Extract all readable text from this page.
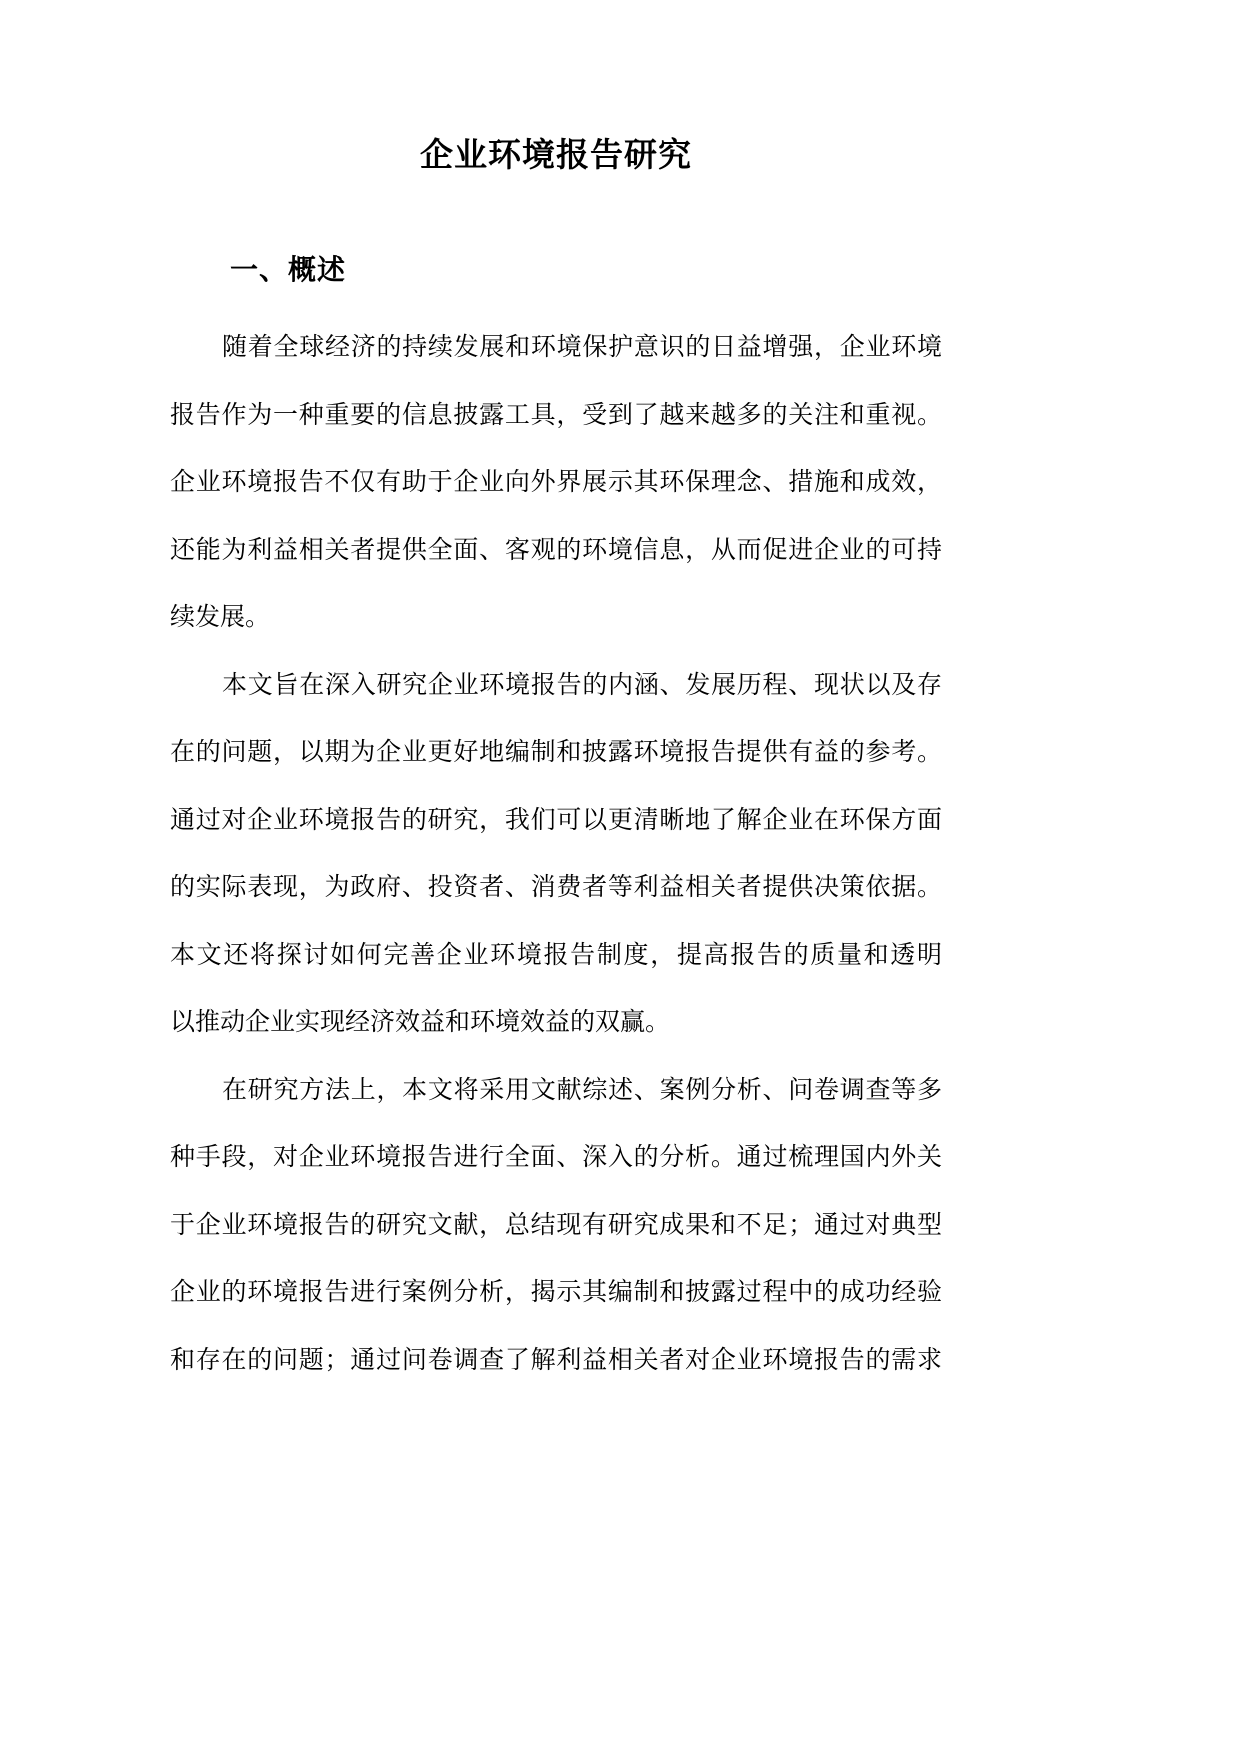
企业环境报告研究
一、概述
随着全球经济的持续发展和环境保护意识的日益增强，企业环境
报告作为一种重要的信息披露工具，受到了越来越多的关注和重视。
企业环境报告不仅有助于企业向外界展示其环保理念、措施和成效，
还能为利益相关者提供全面、客观的环境信息，从而促进企业的可持
续发展。
本文旨在深入研究企业环境报告的内涵、发展历程、现状以及存
在的问题，以期为企业更好地编制和披露环境报告提供有益的参考。
通过对企业环境报告的研究，我们可以更清晰地了解企业在环保方面
的实际表现，为政府、投资者、消费者等利益相关者提供决策依据。
本文还将探讨如何完善企业环境报告制度，提高报告的质量和透明
以推动企业实现经济效益和环境效益的双赢。
在研究方法上，本文将采用文献综述、案例分析、问卷调查等多
种手段，对企业环境报告进行全面、深入的分析。通过梳理国内外关
于企业环境报告的研究文献，总结现有研究成果和不足；通过对典型
企业的环境报告进行案例分析，揭示其编制和披露过程中的成功经验
和存在的问题；通过问卷调查了解利益相关者对企业环境报告的需求
